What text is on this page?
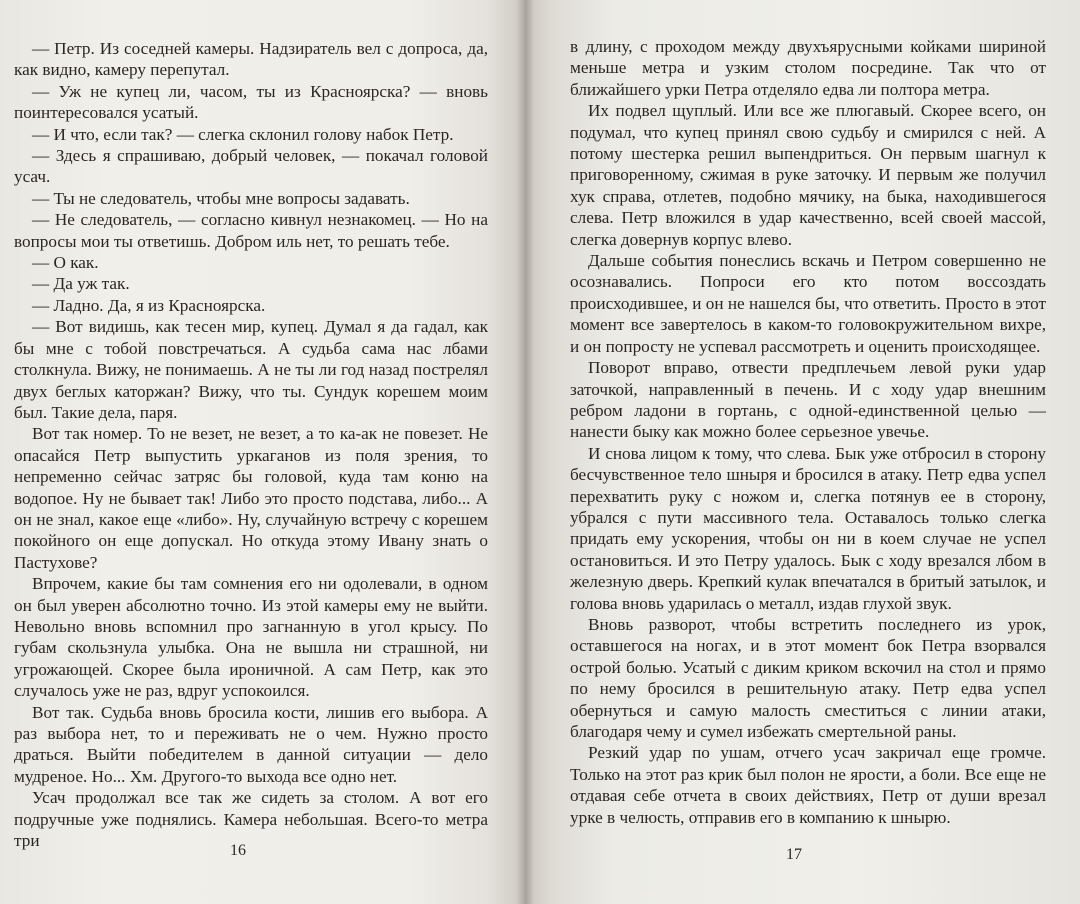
— Петр. Из соседней камеры. Надзиратель вел с допроса, да, как видно, камеру перепутал.

— Уж не купец ли, часом, ты из Красноярска? — вновь поинтересовался усатый.

— И что, если так? — слегка склонил голову набок Петр.

— Здесь я спрашиваю, добрый человек, — покачал головой усач.

— Ты не следователь, чтобы мне вопросы задавать.

— Не следователь, — согласно кивнул незнакомец. — Но на вопросы мои ты ответишь. Добром иль нет, то решать тебе.

— О как.

— Да уж так.

— Ладно. Да, я из Красноярска.

— Вот видишь, как тесен мир, купец. Думал я да гадал, как бы мне с тобой повстречаться. А судьба сама нас лбами столкнула. Вижу, не понимаешь. А не ты ли год назад пострелял двух беглых каторжан? Вижу, что ты. Сундук корешем моим был. Такие дела, паря.

Вот так номер. То не везет, не везет, а то ка-ак не повезет. Не опасайся Петр выпустить уркаганов из поля зрения, то непременно сейчас затряс бы головой, куда там коню на водопое. Ну не бывает так! Либо это просто подстава, либо... А он не знал, какое еще «либо». Ну, случайную встречу с корешем покойного он еще допускал. Но откуда этому Ивану знать о Пастухове?

Впрочем, какие бы там сомнения его ни одолевали, в одном он был уверен абсолютно точно. Из этой камеры ему не выйти. Невольно вновь вспомнил про загнанную в угол крысу. По губам скользнула улыбка. Она не вышла ни страшной, ни угрожающей. Скорее была ироничной. А сам Петр, как это случалось уже не раз, вдруг успокоился.

Вот так. Судьба вновь бросила кости, лишив его выбора. А раз выбора нет, то и переживать не о чем. Нужно просто драться. Выйти победителем в данной ситуации — дело мудреное. Но... Хм. Другого-то выхода все одно нет.

Усач продолжал все так же сидеть за столом. А вот его подручные уже поднялись. Камера небольшая. Всего-то метра три

16

в длину, с проходом между двухъярусными койками шириной меньше метра и узким столом посредине. Так что от ближайшего урки Петра отделяло едва ли полтора метра.

Их подвел щуплый. Или все же плюгавый. Скорее всего, он подумал, что купец принял свою судьбу и смирился с ней. А потому шестерка решил выпендриться. Он первым шагнул к приговоренному, сжимая в руке заточку. И первым же получил хук справа, отлетев, подобно мячику, на быка, находившегося слева. Петр вложился в удар качественно, всей своей массой, слегка довернув корпус влево.

Дальше события понеслись вскачь и Петром совершенно не осознавались. Попроси его кто потом воссоздать происходившее, и он не нашелся бы, что ответить. Просто в этот момент все завертелось в каком-то головокружительном вихре, и он попросту не успевал рассмотреть и оценить происходящее.

Поворот вправо, отвести предплечьем левой руки удар заточкой, направленный в печень. И с ходу удар внешним ребром ладони в гортань, с одной-единственной целью — нанести быку как можно более серьезное увечье.

И снова лицом к тому, что слева. Бык уже отбросил в сторону бесчувственное тело шныря и бросился в атаку. Петр едва успел перехватить руку с ножом и, слегка потянув ее в сторону, убрался с пути массивного тела. Оставалось только слегка придать ему ускорения, чтобы он ни в коем случае не успел остановиться. И это Петру удалось. Бык с ходу врезался лбом в железную дверь. Крепкий кулак впечатался в бритый затылок, и голова вновь ударилась о металл, издав глухой звук.

Вновь разворот, чтобы встретить последнего из урок, оставшегося на ногах, и в этот момент бок Петра взорвался острой болью. Усатый с диким криком вскочил на стол и прямо по нему бросился в решительную атаку. Петр едва успел обернуться и самую малость сместиться с линии атаки, благодаря чему и сумел избежать смертельной раны.

Резкий удар по ушам, отчего усач закричал еще громче. Только на этот раз крик был полон не ярости, а боли. Все еще не отдавая себе отчета в своих действиях, Петр от души врезал урке в челюсть, отправив его в компанию к шнырю.

17
